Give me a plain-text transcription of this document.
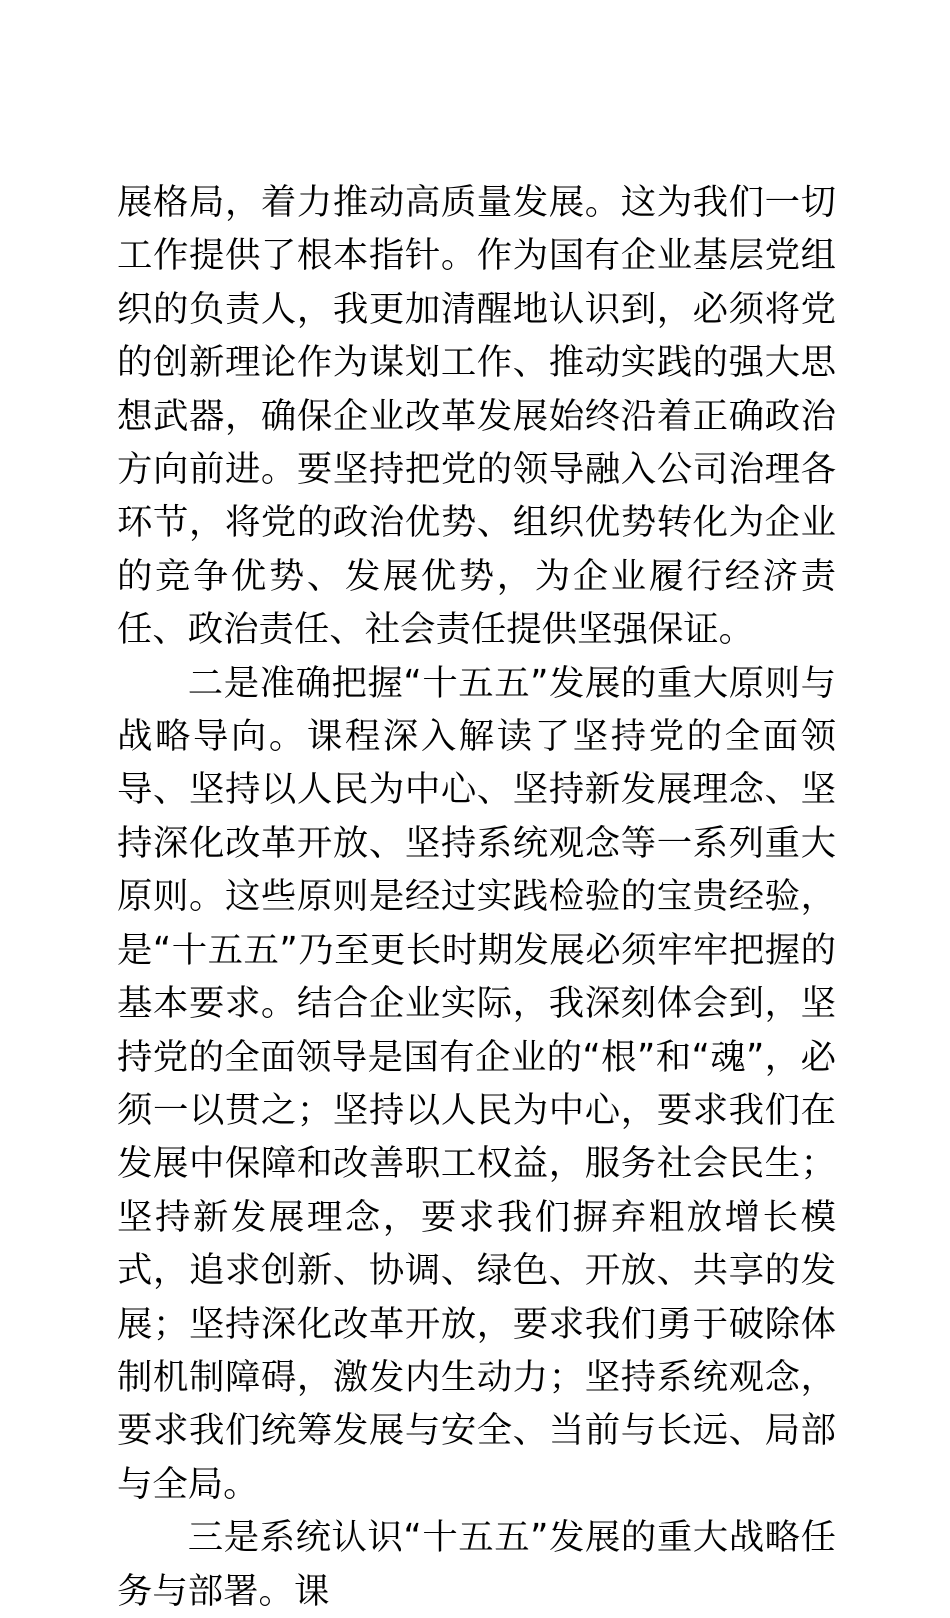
展格局，着力推动高质量发展。这为我们一切工作提供了根本指针。作为国有企业基层党组织的负责人，我更加清醒地认识到，必须将党的创新理论作为谋划工作、推动实践的强大思想武器，确保企业改革发展始终沿着正确政治方向前进。要坚持把党的领导融入公司治理各环节，将党的政治优势、组织优势转化为企业的竞争优势、发展优势，为企业履行经济责任、政治责任、社会责任提供坚强保证。

二是准确把握“十五五”发展的重大原则与战略导向。课程深入解读了坚持党的全面领导、坚持以人民为中心、坚持新发展理念、坚持深化改革开放、坚持系统观念等一系列重大原则。这些原则是经过实践检验的宝贵经验，是“十五五”乃至更长时期发展必须牢牢把握的基本要求。结合企业实际，我深刻体会到，坚持党的全面领导是国有企业的“根”和“魂”，必须一以贯之；坚持以人民为中心，要求我们在发展中保障和改善职工权益，服务社会民生；坚持新发展理念，要求我们摒弃粗放增长模式，追求创新、协调、绿色、开放、共享的发展；坚持深化改革开放，要求我们勇于破除体制机制障碍，激发内生动力；坚持系统观念，要求我们统筹发展与安全、当前与长远、局部与全局。

三是系统认识“十五五”发展的重大战略任务与部署。课
